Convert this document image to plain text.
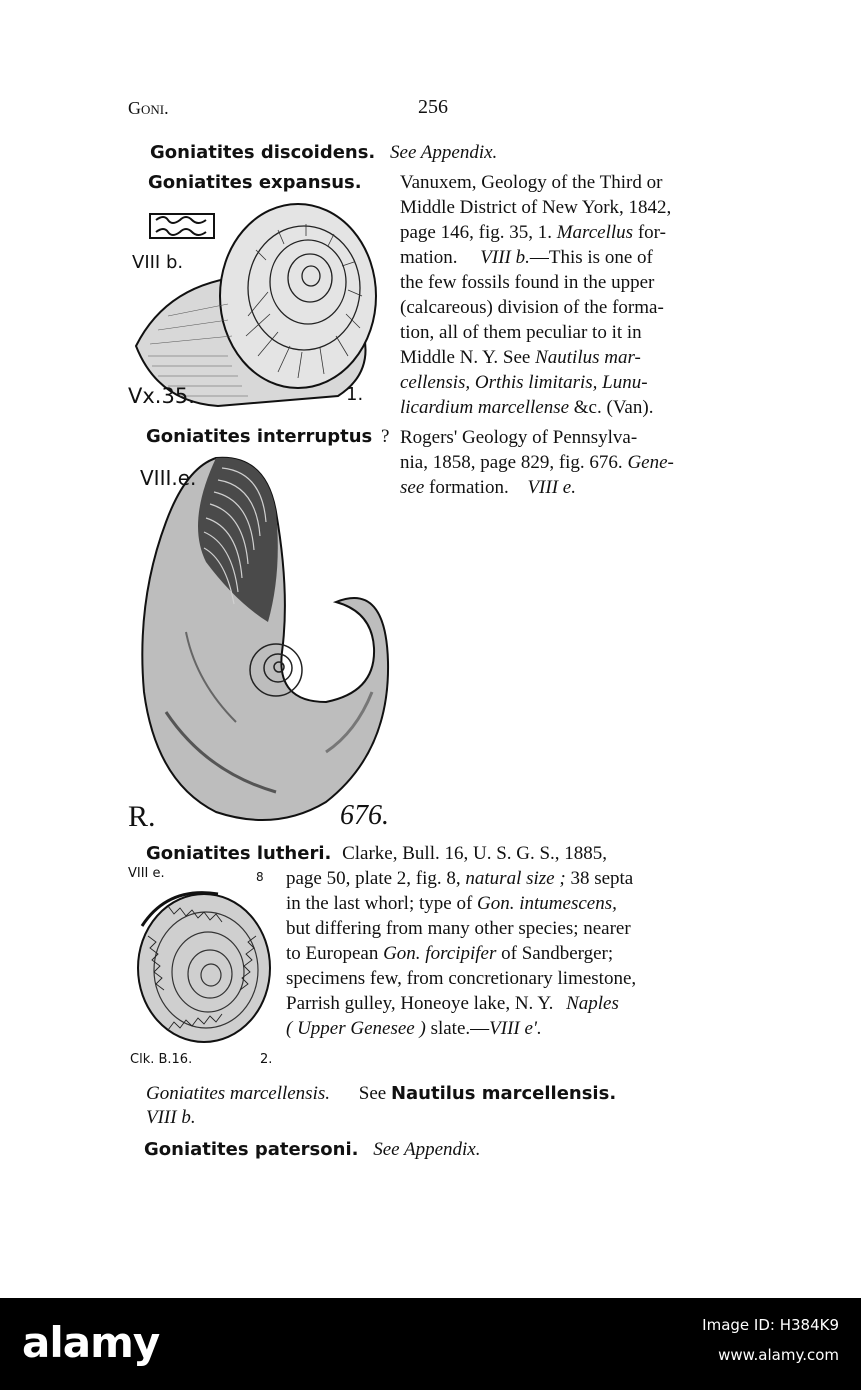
Goni.	256
Goniatites discoidens. See Appendix.
Goniatites expansus. Vanuxem, Geology of the Third or
Middle District of New York, 1842,
page 146, fig. 35, 1. Marcellus for-
mation. VIII b.—This is one of
the few fossils found in the upper
(calcareous) division of the forma-
tion, all of them peculiar to it in
Middle N. Y. See Nautilus mar-
cellensis, Orthis limitaris, Lunu-
licardium marcellense &c. (Van).
VIII b.
Vx.35.	1.
Goniatites interruptus ? Rogers' Geology of Pennsylva-
nia, 1858, page 829, fig. 676. Gene-
see formation. VIII e.
VIII.e.
R.	676.
Goniatites lutheri. Clarke, Bull. 16, U. S. G. S., 1885,
page 50, plate 2, fig. 8, natural size ; 38 septa
in the last whorl; type of Gon. intumescens,
but differing from many other species; nearer
to European Gon. forcipifer of Sandberger;
specimens few, from concretionary limestone,
Parrish gulley, Honeoye lake, N. Y. Naples
( Upper Genesee ) slate.—VIII e'.
VIII e.	8
Clk. B.16.	2.
Goniatites marcellensis. See Nautilus marcellensis.
VIII b.
Goniatites patersoni. See Appendix.
alamy	Image ID: H384K9
www.alamy.com
